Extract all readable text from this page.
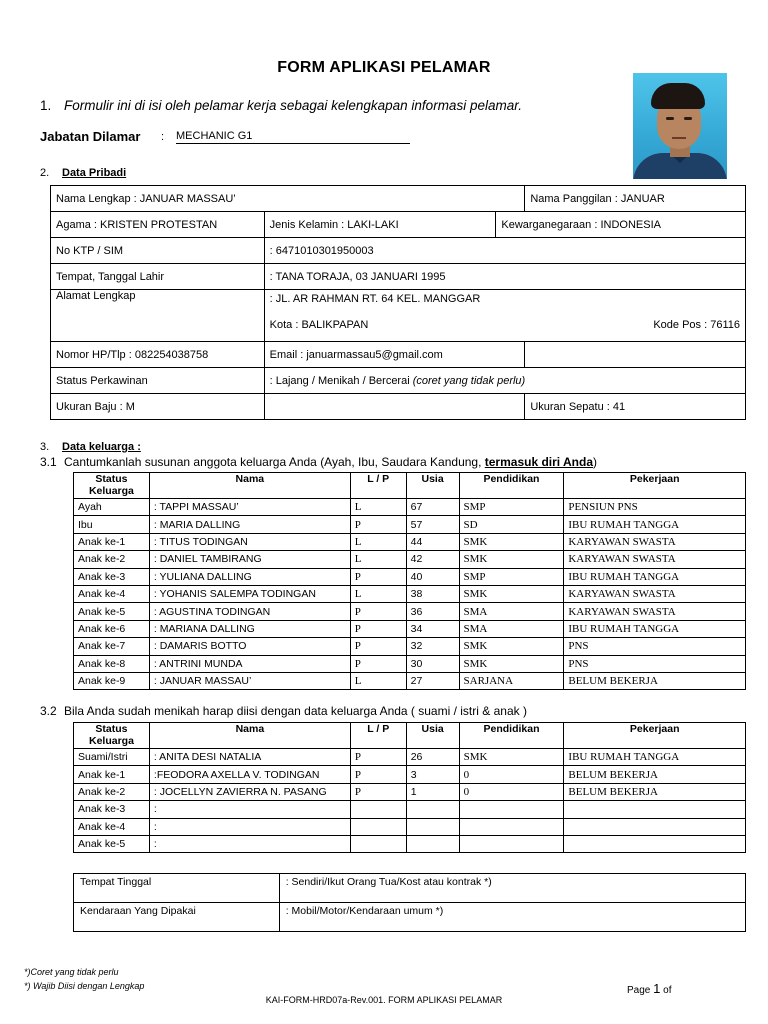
FORM APLIKASI PELAMAR
1. Formulir ini di isi oleh pelamar kerja sebagai kelengkapan informasi pelamar.
Jabatan Dilamar : MECHANIC G1
2. Data Pribadi
Nama Lengkap : JANUAR MASSAU’			Nama Panggilan : JANUAR
Agama : KRISTEN PROTESTAN	Jenis Kelamin : LAKI-LAKI	Kewarganegaraan : INDONESIA	
No KTP / SIM	: 6471010301950003		
Tempat, Tanggal Lahir	: TANA TORAJA, 03 JANUARI 1995		
Alamat Lengkap	: JL. AR RAHMAN RT. 64 KEL. MANGGAR
Kota : BALIKPAPAN Kode Pos : 76116		

Nomor HP/Tlp : 082254038758	Email : januarmassau5@gmail.com		
Status Perkawinan	: Lajang / Menikah / Bercerai (coret yang tidak perlu)		
Ukuran Baju : M			Ukuran Sepatu : 41
3. Data keluarga :
3.1 Cantumkanlah susunan anggota keluarga Anda (Ayah, Ibu, Saudara Kandung, termasuk diri Anda)
Status Keluarga	Nama	L / P	Usia	Pendidikan	Pekerjaan
Ayah	: TAPPI MASSAU’	L	67	SMP	PENSIUN PNS
Ibu	: MARIA DALLING	P	57	SD	IBU RUMAH TANGGA
Anak ke-1	: TITUS TODINGAN	L	44	SMK	KARYAWAN SWASTA
Anak ke-2	: DANIEL TAMBIRANG	L	42	SMK	KARYAWAN SWASTA
Anak ke-3	: YULIANA DALLING	P	40	SMP	IBU RUMAH TANGGA
Anak ke-4	: YOHANIS SALEMPA TODINGAN	L	38	SMK	KARYAWAN SWASTA
Anak ke-5	: AGUSTINA TODINGAN	P	36	SMA	KARYAWAN SWASTA
Anak ke-6	: MARIANA DALLING	P	34	SMA	IBU RUMAH TANGGA
Anak ke-7	: DAMARIS BOTTO	P	32	SMK	PNS
Anak ke-8	: ANTRINI MUNDA	P	30	SMK	PNS
Anak ke-9	: JANUAR MASSAU’	L	27	SARJANA	BELUM BEKERJA
3.2 Bila Anda sudah menikah harap diisi dengan data keluarga Anda ( suami / istri & anak )
Status Keluarga	Nama	L / P	Usia	Pendidikan	Pekerjaan
Suami/Istri	: ANITA DESI NATALIA	P	26	SMK	IBU RUMAH TANGGA
Anak ke-1	:FEODORA AXELLA V. TODINGAN	P	3	0	BELUM BEKERJA
Anak ke-2	: JOCELLYN ZAVIERRA N. PASANG	P	1	0	BELUM BEKERJA
Anak ke-3	:				
Anak ke-4	:				
Anak ke-5	:				
Tempat Tinggal	: Sendiri/Ikut Orang Tua/Kost atau kontrak *)
Kendaraan Yang Dipakai	: Mobil/Motor/Kendaraan umum *)
*)Coret yang tidak perlu
*) Wajib Diisi dengan Lengkap	Page 1 of
KAI-FORM-HRD07a-Rev.001. FORM APLIKASI PELAMAR
